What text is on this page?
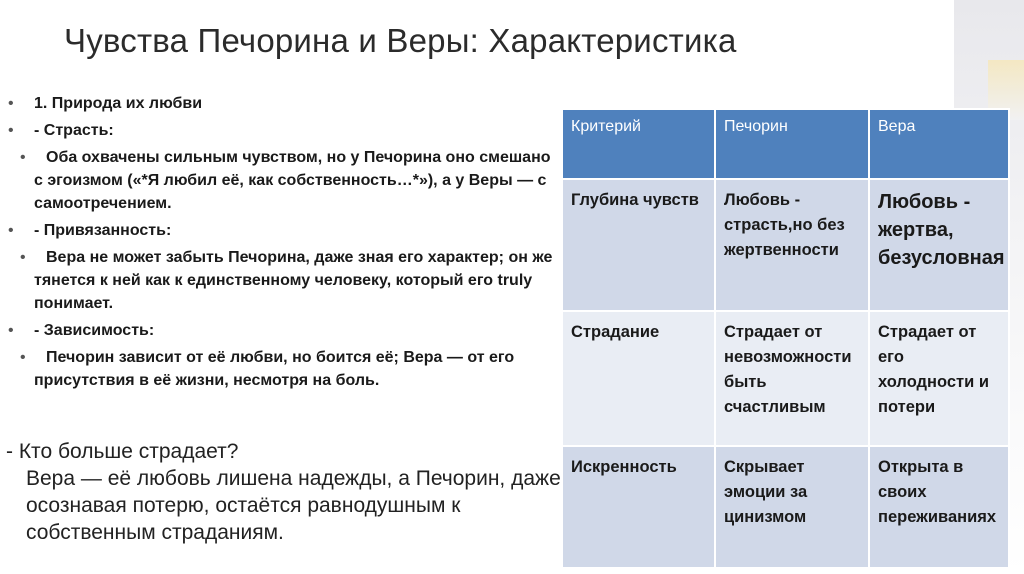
Чувства Печорина и Веры: Характеристика
• 1. Природа их любви
• - Страсть:
• Оба охвачены сильным чувством, но у Печорина оно смешано с эгоизмом («*Я любил её, как собственность…*»), а у Веры — с самоотречением.
• - Привязанность:
• Вера не может забыть Печорина, даже зная его характер; он же тянется к ней как к единственному человеку, который его truly понимает.
• - Зависимость:
• Печорин зависит от её любви, но боится её; Вера — от его присутствия в её жизни, несмотря на боль.
- Кто больше страдает?
Вера — её любовь лишена надежды, а Печорин, даже осознавая потерю, остаётся равнодушным к собственным страданиям.
Критерий	Печорин	Вера
Глубина чувств	Любовь - страсть,но без жертвенности	Любовь - жертва, безусловная
Страдание	Страдает от невозможности быть счастливым	Страдает от его холодности и потери
Искренность	Скрывает эмоции за цинизмом	Открыта в своих переживаниях
